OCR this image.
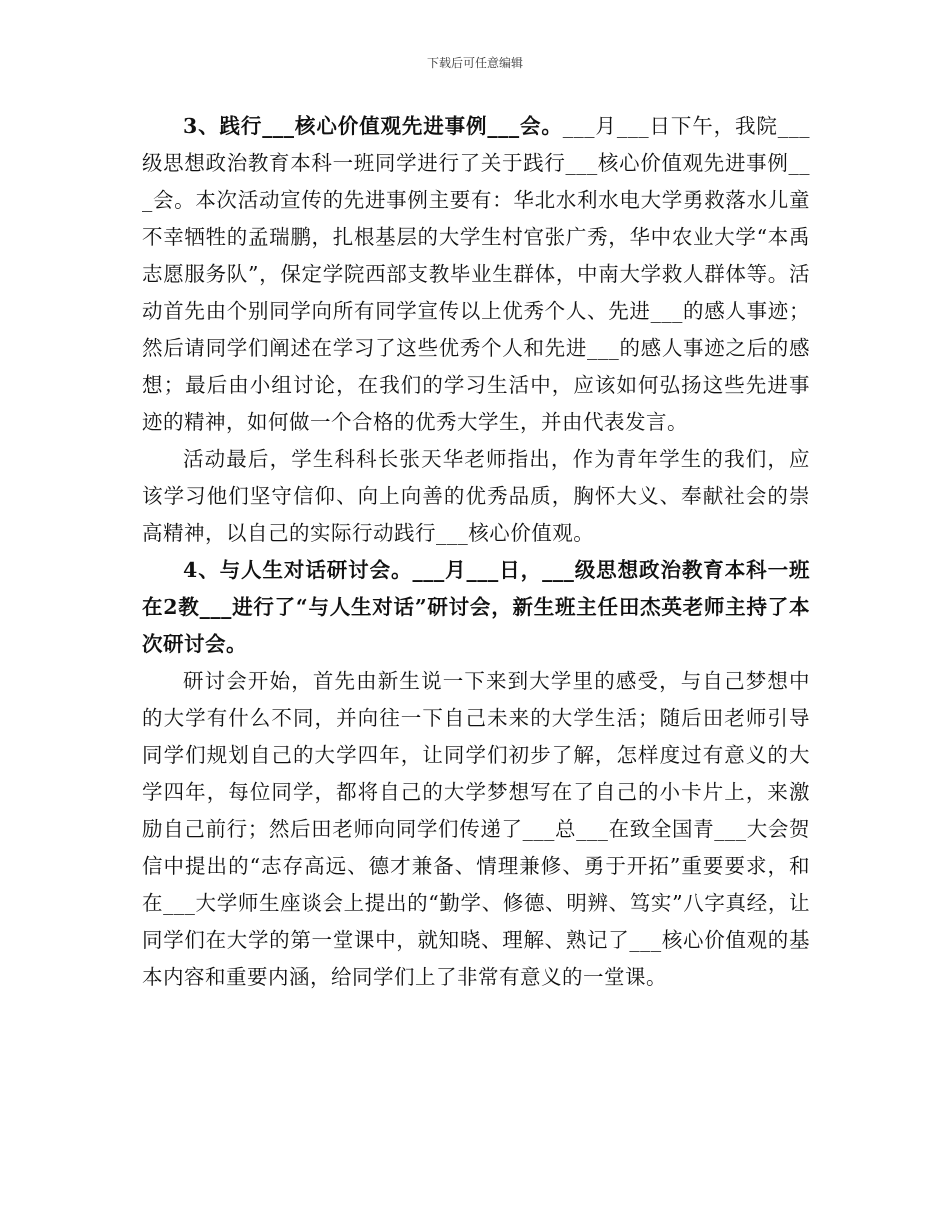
下载后可任意编辑

3、践行___核心价值观先进事例___会。___月___日下午，我院___级思想政治教育本科一班同学进行了关于践行___核心价值观先进事例___会。本次活动宣传的先进事例主要有：华北水利水电大学勇救落水儿童不幸牺牲的孟瑞鹏，扎根基层的大学生村官张广秀，华中农业大学“本禹志愿服务队”，保定学院西部支教毕业生群体，中南大学救人群体等。活动首先由个别同学向所有同学宣传以上优秀个人、先进___的感人事迹；然后请同学们阐述在学习了这些优秀个人和先进___的感人事迹之后的感想；最后由小组讨论，在我们的学习生活中，应该如何弘扬这些先进事迹的精神，如何做一个合格的优秀大学生，并由代表发言。

活动最后，学生科科长张天华老师指出，作为青年学生的我们，应该学习他们坚守信仰、向上向善的优秀品质，胸怀大义、奉献社会的崇高精神，以自己的实际行动践行___核心价值观。

4、与人生对话研讨会。___月___日，___级思想政治教育本科一班在2教___进行了“与人生对话”研讨会，新生班主任田杰英老师主持了本次研讨会。

研讨会开始，首先由新生说一下来到大学里的感受，与自己梦想中的大学有什么不同，并向往一下自己未来的大学生活；随后田老师引导同学们规划自己的大学四年，让同学们初步了解，怎样度过有意义的大学四年，每位同学，都将自己的大学梦想写在了自己的小卡片上，来激励自己前行；然后田老师向同学们传递了___总___在致全国青___大会贺信中提出的“志存高远、德才兼备、情理兼修、勇于开拓”重要要求，和在___大学师生座谈会上提出的“勤学、修德、明辨、笃实”八字真经，让同学们在大学的第一堂课中，就知晓、理解、熟记了___核心价值观的基本内容和重要内涵，给同学们上了非常有意义的一堂课。
